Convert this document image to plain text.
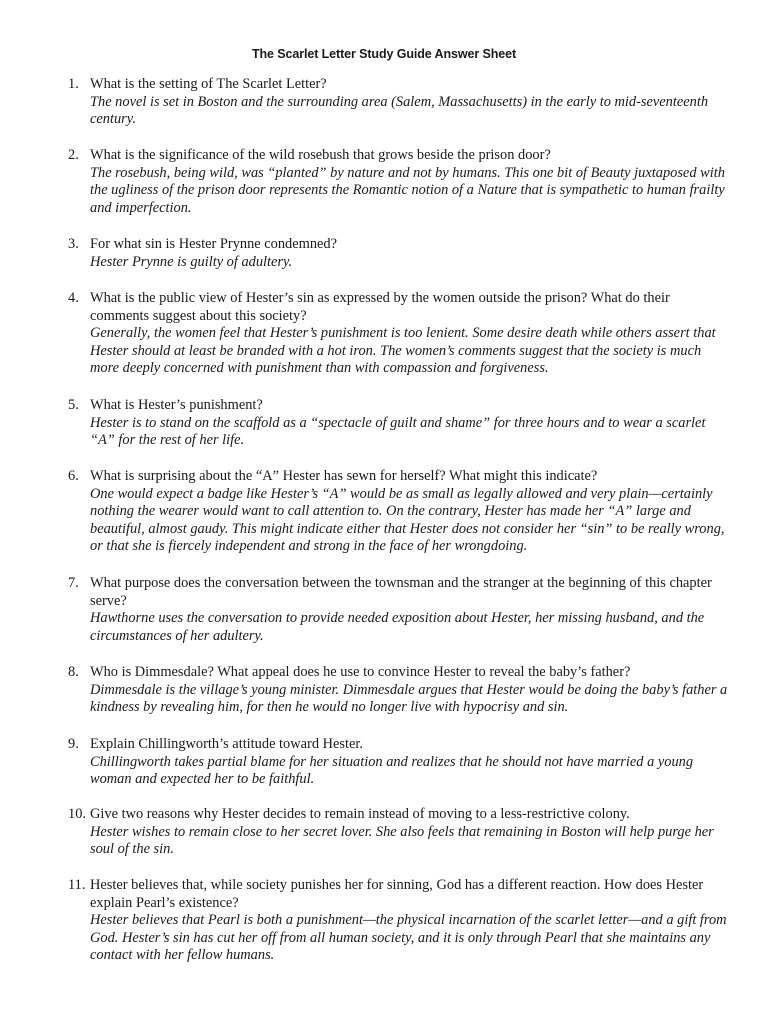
The Scarlet Letter Study Guide Answer Sheet
1. What is the setting of The Scarlet Letter?
The novel is set in Boston and the surrounding area (Salem, Massachusetts) in the early to mid-seventeenth century.
2. What is the significance of the wild rosebush that grows beside the prison door?
The rosebush, being wild, was “planted” by nature and not by humans. This one bit of Beauty juxtaposed with the ugliness of the prison door represents the Romantic notion of a Nature that is sympathetic to human frailty and imperfection.
3. For what sin is Hester Prynne condemned?
Hester Prynne is guilty of adultery.
4. What is the public view of Hester’s sin as expressed by the women outside the prison? What do their comments suggest about this society?
Generally, the women feel that Hester’s punishment is too lenient. Some desire death while others assert that Hester should at least be branded with a hot iron. The women’s comments suggest that the society is much more deeply concerned with punishment than with compassion and forgiveness.
5. What is Hester’s punishment?
Hester is to stand on the scaffold as a “spectacle of guilt and shame” for three hours and to wear a scarlet “A” for the rest of her life.
6. What is surprising about the “A” Hester has sewn for herself? What might this indicate?
One would expect a badge like Hester’s “A” would be as small as legally allowed and very plain—certainly nothing the wearer would want to call attention to. On the contrary, Hester has made her “A” large and beautiful, almost gaudy. This might indicate either that Hester does not consider her “sin” to be really wrong, or that she is fiercely independent and strong in the face of her wrongdoing.
7. What purpose does the conversation between the townsman and the stranger at the beginning of this chapter serve?
Hawthorne uses the conversation to provide needed exposition about Hester, her missing husband, and the circumstances of her adultery.
8. Who is Dimmesdale? What appeal does he use to convince Hester to reveal the baby’s father?
Dimmesdale is the village’s young minister. Dimmesdale argues that Hester would be doing the baby’s father a kindness by revealing him, for then he would no longer live with hypocrisy and sin.
9. Explain Chillingworth’s attitude toward Hester.
Chillingworth takes partial blame for her situation and realizes that he should not have married a young woman and expected her to be faithful.
10. Give two reasons why Hester decides to remain instead of moving to a less-restrictive colony.
Hester wishes to remain close to her secret lover. She also feels that remaining in Boston will help purge her soul of the sin.
11. Hester believes that, while society punishes her for sinning, God has a different reaction. How does Hester explain Pearl’s existence?
Hester believes that Pearl is both a punishment—the physical incarnation of the scarlet letter—and a gift from God. Hester’s sin has cut her off from all human society, and it is only through Pearl that she maintains any contact with her fellow humans.
